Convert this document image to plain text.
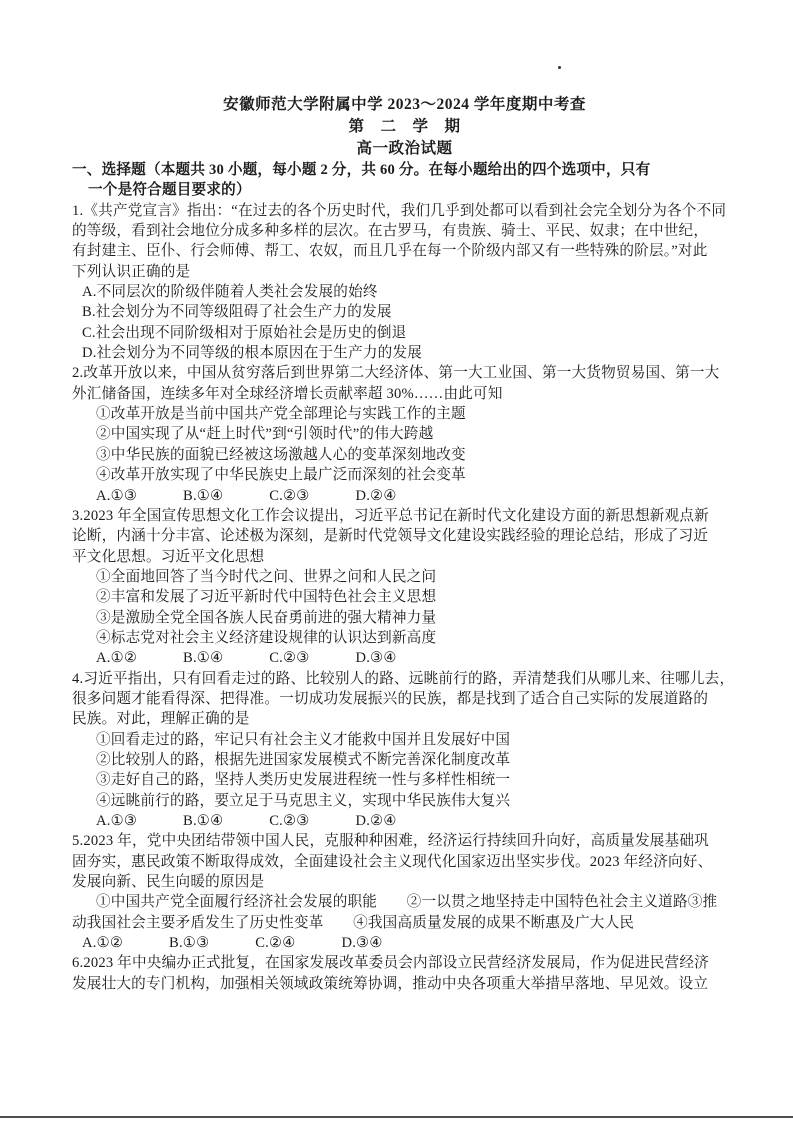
安徽师范大学附属中学 2023～2024 学年度期中考查
第　二　学　期
高一政治试题
一、选择题（本题共 30 小题，每小题 2 分，共 60 分。在每小题给出的四个选项中，只有
一个是符合题目要求的）
1.《共产党宣言》指出：“在过去的各个历史时代，我们几乎到处都可以看到社会完全划分为各个不同
的等级，看到社会地位分成多种多样的层次。在古罗马，有贵族、骑士、平民、奴隶；在中世纪，
有封建主、臣仆、行会师傅、帮工、农奴，而且几乎在每一个阶级内部又有一些特殊的阶层。”对此
下列认识正确的是
A.不同层次的阶级伴随着人类社会发展的始终
B.社会划分为不同等级阻碍了社会生产力的发展
C.社会出现不同阶级相对于原始社会是历史的倒退
D.社会划分为不同等级的根本原因在于生产力的发展
2.改革开放以来，中国从贫穷落后到世界第二大经济体、第一大工业国、第一大货物贸易国、第一大
外汇储备国，连续多年对全球经济增长贡献率超 30%……由此可知
①改革开放是当前中国共产党全部理论与实践工作的主题
②中国实现了从“赶上时代”到“引领时代”的伟大跨越
③中华民族的面貌已经被这场激越人心的变革深刻地改变
④改革开放实现了中华民族史上最广泛而深刻的社会变革
A.①③	B.①④	C.②③	D.②④
3.2023 年全国宣传思想文化工作会议提出，习近平总书记在新时代文化建设方面的新思想新观点新
论断，内涵十分丰富、论述极为深刻，是新时代党领导文化建设实践经验的理论总结，形成了习近
平文化思想。习近平文化思想
①全面地回答了当今时代之问、世界之问和人民之问
②丰富和发展了习近平新时代中国特色社会主义思想
③是激励全党全国各族人民奋勇前进的强大精神力量
④标志党对社会主义经济建设规律的认识达到新高度
A.①②	B.①④	C.②③	D.③④
4.习近平指出，只有回看走过的路、比较别人的路、远眺前行的路，弄清楚我们从哪儿来、往哪儿去，
很多问题才能看得深、把得准。一切成功发展振兴的民族，都是找到了适合自己实际的发展道路的
民族。对此，理解正确的是
①回看走过的路，牢记只有社会主义才能救中国并且发展好中国
②比较别人的路，根据先进国家发展模式不断完善深化制度改革
③走好自己的路，坚持人类历史发展进程统一性与多样性相统一
④远眺前行的路，要立足于马克思主义，实现中华民族伟大复兴
A.①③	B.①④	C.②③	D.②④
5.2023 年，党中央团结带领中国人民，克服种种困难，经济运行持续回升向好，高质量发展基础巩
固夯实，惠民政策不断取得成效，全面建设社会主义现代化国家迈出坚实步伐。2023 年经济向好、
发展向新、民生向暖的原因是
①中国共产党全面履行经济社会发展的职能　　②一以贯之地坚持走中国特色社会主义道路③推
动我国社会主要矛盾发生了历史性变革　　④我国高质量发展的成果不断惠及广大人民
A.①②	B.①③	C.②④	D.③④
6.2023 年中央编办正式批复，在国家发展改革委员会内部设立民营经济发展局，作为促进民营经济
发展壮大的专门机构，加强相关领域政策统筹协调，推动中央各项重大举措早落地、早见效。设立
